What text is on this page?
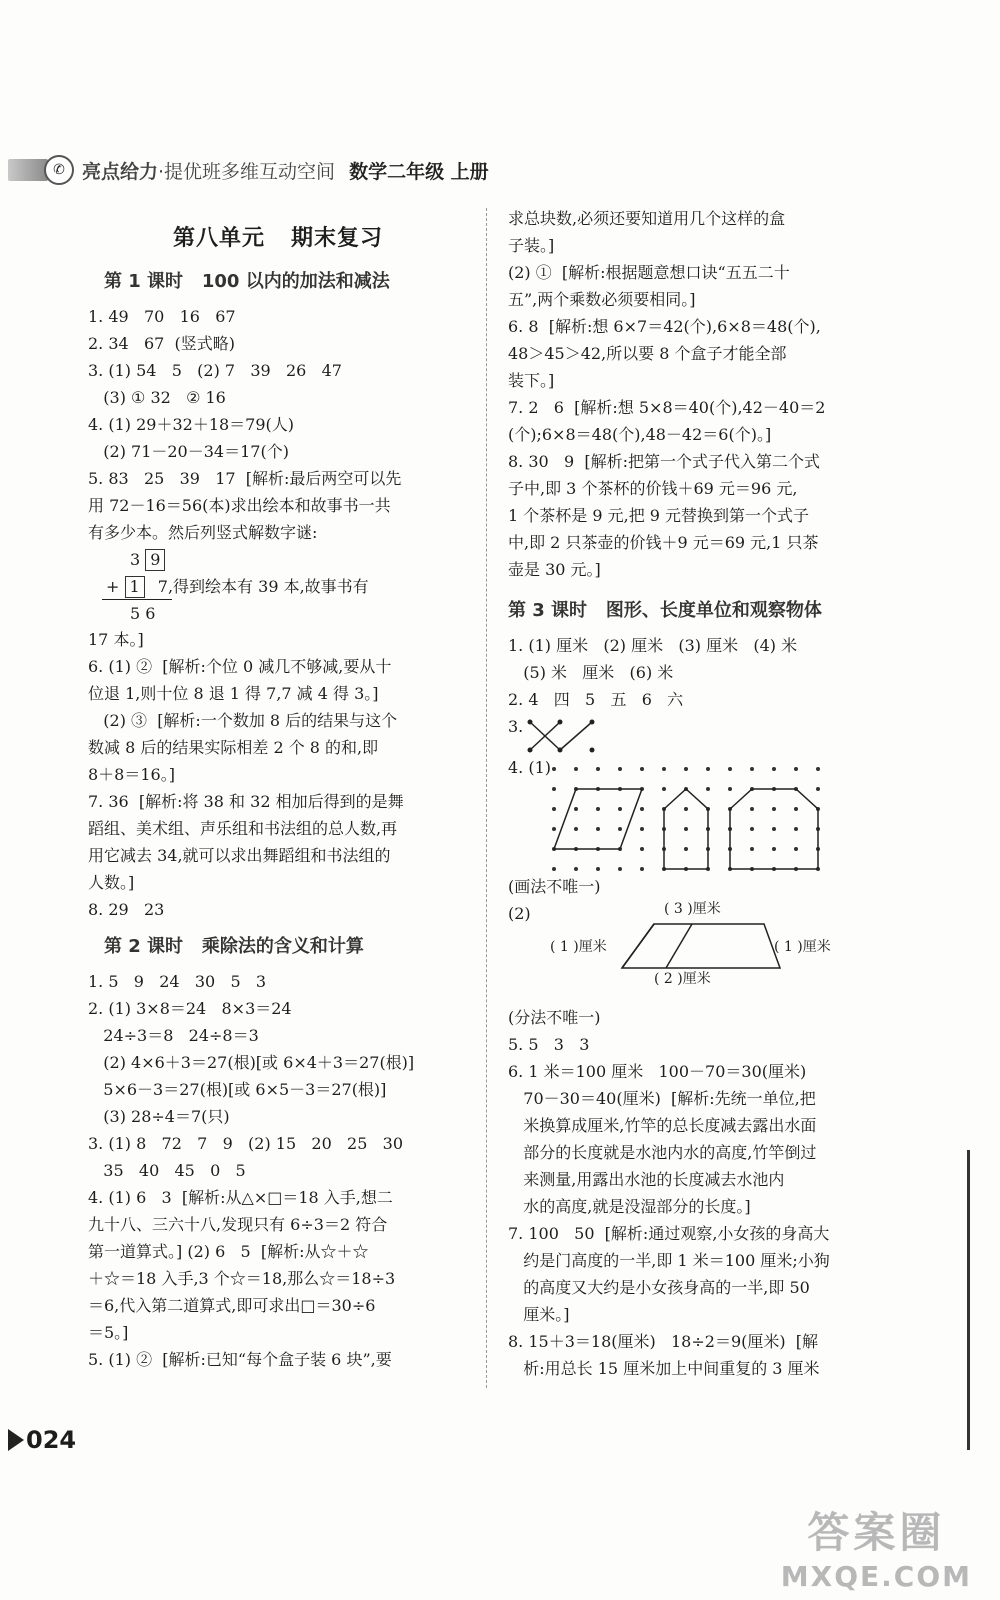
✆ 亮点给力 ·提优班多维互动空间 数学二年级 上册
第八单元   期末复习
第 1 课时   100 以内的加法和减法
1. 49   70   16   67
2. 34   67  (竖式略)
3. (1) 54   5   (2) 7   39   26   47
(3) ① 32   ② 16
4. (1) 29＋32＋18＝79(人)
(2) 71－20－34＝17(个)
5. 83   25   39   17  [解析:最后两空可以先
用 72－16＝56(本)求出绘本和故事书一共
有多少本。然后列竖式解数字谜:
3 9
+ 1 7,得到绘本有 39 本,故事书有
5 6
17 本。]
6. (1) ②  [解析:个位 0 减几不够减,要从十
位退 1,则十位 8 退 1 得 7,7 减 4 得 3。]
(2) ③  [解析:一个数加 8 后的结果与这个
数减 8 后的结果实际相差 2 个 8 的和,即
8＋8＝16。]
7. 36  [解析:将 38 和 32 相加后得到的是舞
蹈组、美术组、声乐组和书法组的总人数,再
用它减去 34,就可以求出舞蹈组和书法组的
人数。]
8. 29   23
第 2 课时   乘除法的含义和计算
1. 5   9   24   30   5   3
2. (1) 3×8＝24   8×3＝24
24÷3＝8   24÷8＝3
(2) 4×6＋3＝27(根)[或 6×4＋3＝27(根)]
5×6－3＝27(根)[或 6×5－3＝27(根)]
(3) 28÷4＝7(只)
3. (1) 8   72   7   9   (2) 15   20   25   30
35   40   45   0   5
4. (1) 6   3  [解析:从△×□＝18 入手,想二
九十八、三六十八,发现只有 6÷3＝2 符合
第一道算式。] (2) 6   5  [解析:从☆＋☆
＋☆＝18 入手,3 个☆＝18,那么☆＝18÷3
＝6,代入第二道算式,即可求出□＝30÷6
＝5。]
5. (1) ②  [解析:已知“每个盒子装 6 块”,要
求总块数,必须还要知道用几个这样的盒
子装。]
(2) ①  [解析:根据题意想口诀“五五二十
五”,两个乘数必须要相同。]
6. 8  [解析:想 6×7＝42(个),6×8＝48(个),
48＞45＞42,所以要 8 个盒子才能全部
装下。]
7. 2   6  [解析:想 5×8＝40(个),42－40＝2
(个);6×8＝48(个),48－42＝6(个)。]
8. 30   9  [解析:把第一个式子代入第二个式
子中,即 3 个茶杯的价钱＋69 元＝96 元,
1 个茶杯是 9 元,把 9 元替换到第一个式子
中,即 2 只茶壶的价钱＋9 元＝69 元,1 只茶
壶是 30 元。]
第 3 课时   图形、长度单位和观察物体
1. (1) 厘米   (2) 厘米   (3) 厘米   (4) 米
(5) 米   厘米   (6) 米
2. 4   四   5   五   6   六
3.
4. (1)
(画法不唯一)
(2)	( 3 )厘米
( 1 )厘米	( 1 )厘米
( 2 )厘米
(分法不唯一)
5. 5   3   3
6. 1 米＝100 厘米   100－70＝30(厘米)
70－30＝40(厘米)  [解析:先统一单位,把
米换算成厘米,竹竿的总长度减去露出水面
部分的长度就是水池内水的高度,竹竿倒过
来测量,用露出水池的长度减去水池内
水的高度,就是没湿部分的长度。]
7. 100   50  [解析:通过观察,小女孩的身高大
约是门高度的一半,即 1 米＝100 厘米;小狗
的高度又大约是小女孩身高的一半,即 50
厘米。]
8. 15＋3＝18(厘米)   18÷2＝9(厘米)  [解
析:用总长 15 厘米加上中间重复的 3 厘米
024
答案圈
MXQE.COM
